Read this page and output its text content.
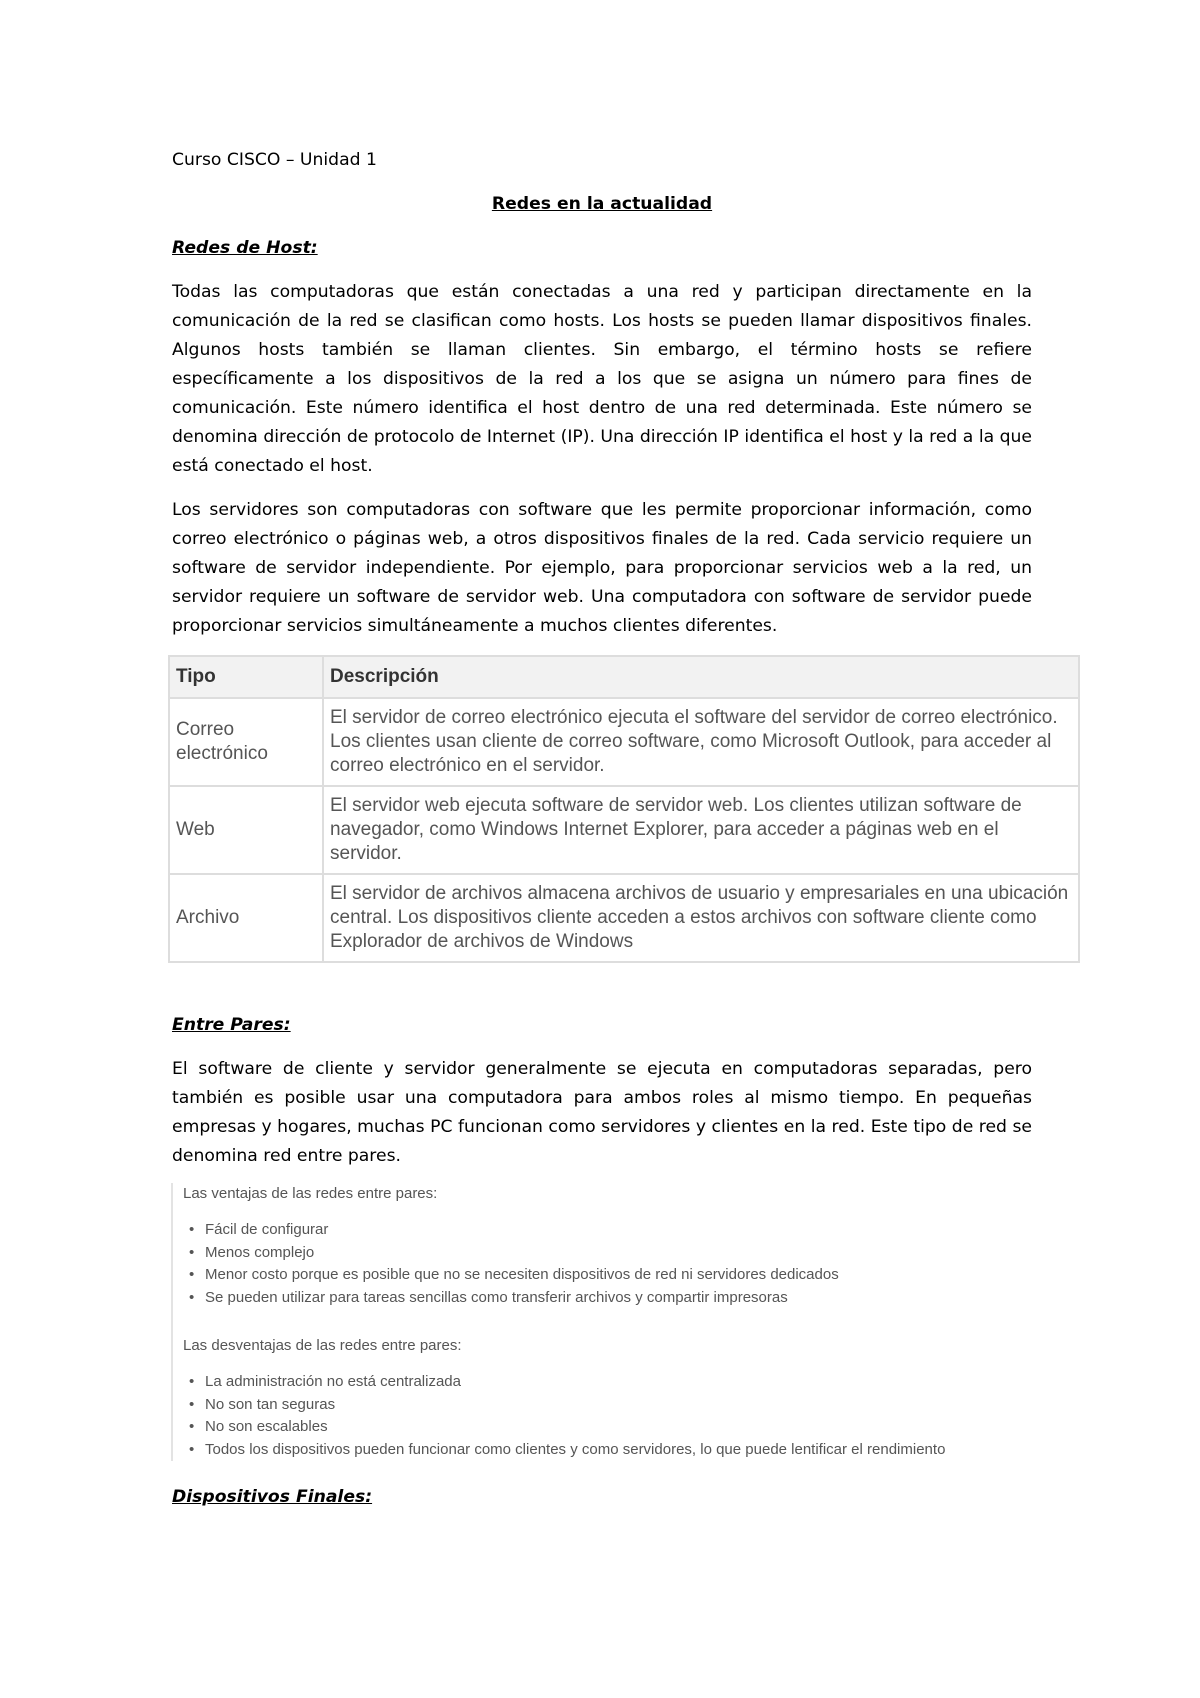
Curso CISCO – Unidad 1
Redes en la actualidad
Redes de Host:

Todas las computadoras que están conectadas a una red y participan directamente en la comunicación de la red se clasifican como hosts. Los hosts se pueden llamar dispositivos finales. Algunos hosts también se llaman clientes. Sin embargo, el término hosts se refiere específicamente a los dispositivos de la red a los que se asigna un número para fines de comunicación. Este número identifica el host dentro de una red determinada. Este número se denomina dirección de protocolo de Internet (IP). Una dirección IP identifica el host y la red a la que está conectado el host.

Los servidores son computadoras con software que les permite proporcionar información, como correo electrónico o páginas web, a otros dispositivos finales de la red. Cada servicio requiere un software de servidor independiente. Por ejemplo, para proporcionar servicios web a la red, un servidor requiere un software de servidor web. Una computadora con software de servidor puede proporcionar servicios simultáneamente a muchos clientes diferentes.

Tipo	Descripción
Correo electrónico	El servidor de correo electrónico ejecuta el software del servidor de correo electrónico. Los clientes usan cliente de correo software, como Microsoft Outlook, para acceder al correo electrónico en el servidor.
Web	El servidor web ejecuta software de servidor web. Los clientes utilizan software de navegador, como Windows Internet Explorer, para acceder a páginas web en el servidor.
Archivo	El servidor de archivos almacena archivos de usuario y empresariales en una ubicación central. Los dispositivos cliente acceden a estos archivos con software cliente como Explorador de archivos de Windows
Entre Pares:

El software de cliente y servidor generalmente se ejecuta en computadoras separadas, pero también es posible usar una computadora para ambos roles al mismo tiempo. En pequeñas empresas y hogares, muchas PC funcionan como servidores y clientes en la red. Este tipo de red se denomina red entre pares.

Las ventajas de las redes entre pares:
• Fácil de configurar
• Menos complejo
• Menor costo porque es posible que no se necesiten dispositivos de red ni servidores dedicados
• Se pueden utilizar para tareas sencillas como transferir archivos y compartir impresoras
Las desventajas de las redes entre pares:
• La administración no está centralizada
• No son tan seguras
• No son escalables
• Todos los dispositivos pueden funcionar como clientes y como servidores, lo que puede lentificar el rendimiento
Dispositivos Finales:
